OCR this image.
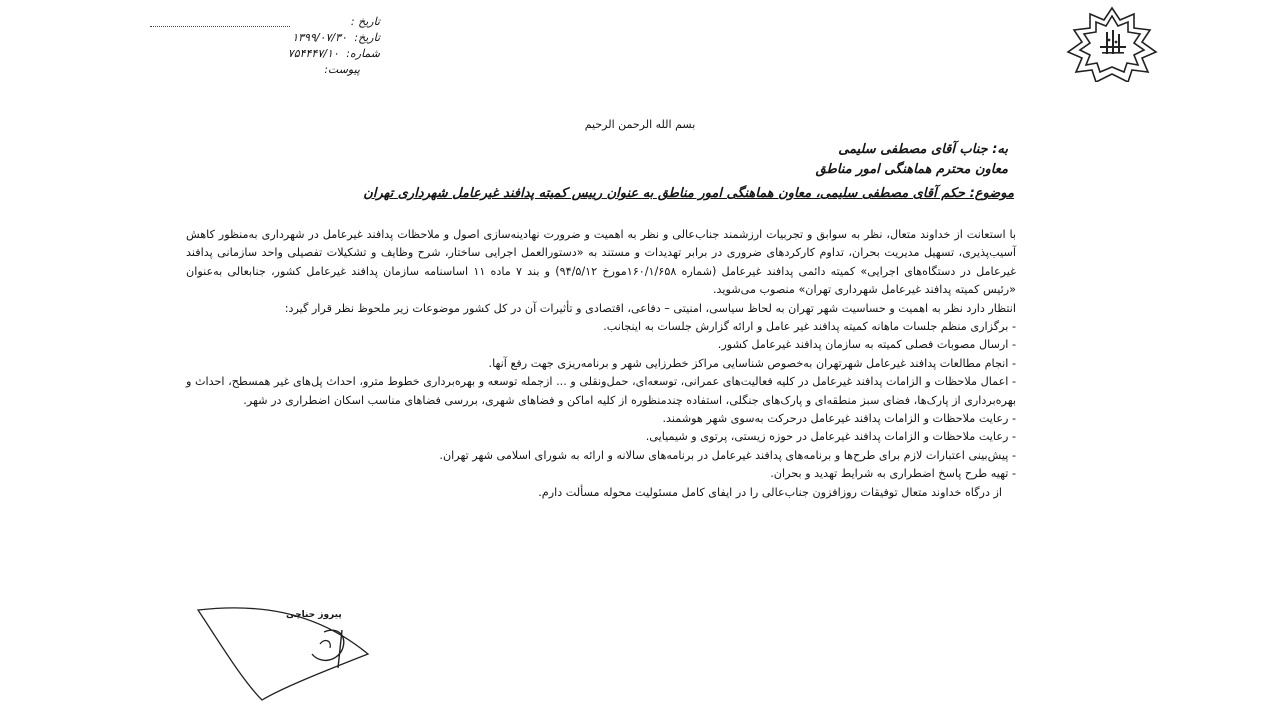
تاریخ :
تاریخ: ۱۳۹۹/۰۷/۳۰
شماره: ۷۵۴۴۴۷/۱۰
پیوست:
بسم الله الرحمن الرحیم
به: جناب آقای مصطفی سلیمی
معاون محترم هماهنگی امور مناطق
موضوع: حکم آقای مصطفی سلیمی، معاون هماهنگی امور مناطق به عنوان رییس کمیته پدافند غیرعامل شهرداری تهران

با استعانت از خداوند متعال، نظر به سوابق و تجربیات ارزشمند جناب‌عالی و نظر به اهمیت و ضرورت نهادینه‌سازی اصول و ملاحظات پدافند غیرعامل در شهرداری به‌منظور کاهش آسیب‌پذیری، تسهیل مدیریت بحران، تداوم کارکردهای ضروری در برابر تهدیدات و مستند به «دستورالعمل اجرایی ساختار، شرح وظایف و تشکیلات تفصیلی واحد سازمانی پدافند غیرعامل در دستگاه‌های اجرایی» کمیته دائمی پدافند غیرعامل (شماره ۱۶۰/۱/۶۵۸مورخ ۹۴/۵/۱۲) و بند ۷ ماده ۱۱ اساسنامه سازمان پدافند غیرعامل کشور، جنابعالی به‌عنوان «رئیس کمیته پدافند غیرعامل شهرداری تهران» منصوب می‌شوید.

انتظار دارد نظر به اهمیت و حساسیت شهر تهران به لحاظ سیاسی، امنیتی – دفاعی، اقتصادی و تأثیرات آن در کل کشور موضوعات زیر ملحوظ نظر قرار گیرد:

- برگزاری منظم جلسات ماهانه کمیته پدافند غیر عامل و ارائه گزارش جلسات به اینجانب.
- ارسال مصوبات فصلی کمیته به سازمان پدافند غیرعامل کشور.
- انجام مطالعات پدافند غیرعامل شهرتهران به‌خصوص شناسایی مراکز خطرزایی شهر و برنامه‌ریزی جهت رفع آنها.
- اعمال ملاحظات و الزامات پدافند غیرعامل در کلیه فعالیت‌های عمرانی، توسعه‌ای، حمل‌ونقلی و ... ازجمله توسعه و بهره‌برداری خطوط مترو، احداث پل‌های غیر همسطح، احداث و بهره‌برداری از پارک‌ها، فضای سبز منطقه‌ای و پارک‌های جنگلی، استفاده چندمنظوره از کلیه اماکن و فضاهای شهری، بررسی فضاهای مناسب اسکان اضطراری در شهر.
- رعایت ملاحظات و الزامات پدافند غیرعامل درحرکت به‌سوی شهر هوشمند.
- رعایت ملاحظات و الزامات پدافند غیرعامل در حوزه زیستی، پرتوی و شیمیایی.
- پیش‌بینی اعتبارات لازم برای طرح‌ها و برنامه‌های پدافند غیرعامل در برنامه‌های سالانه و ارائه به شورای اسلامی شهر تهران.
- تهیه طرح پاسخ اضطراری به شرایط تهدید و بحران.

از درگاه خداوند متعال توفیقات روزافزون جناب‌عالی را در ایفای کامل مسئولیت محوله مسألت دارم.

پیروز حناچی
